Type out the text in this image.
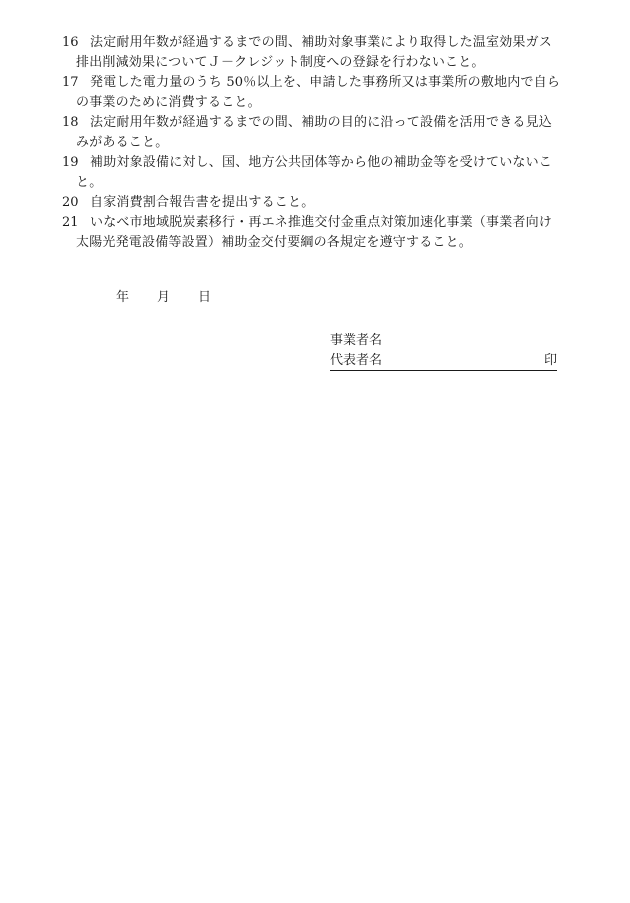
16 法定耐用年数が経過するまでの間、補助対象事業により取得した温室効果ガス排出削減効果についてＪ－クレジット制度への登録を行わないこと。
17 発電した電力量のうち 50％以上を、申請した事務所又は事業所の敷地内で自らの事業のために消費すること。
18 法定耐用年数が経過するまでの間、補助の目的に沿って設備を活用できる見込みがあること。
19 補助対象設備に対し、国、地方公共団体等から他の補助金等を受けていないこと。
20 自家消費割合報告書を提出すること。
21 いなべ市地域脱炭素移行・再エネ推進交付金重点対策加速化事業（事業者向け太陽光発電設備等設置）補助金交付要綱の各規定を遵守すること。
年 月 日
事業者名
代表者名	印
